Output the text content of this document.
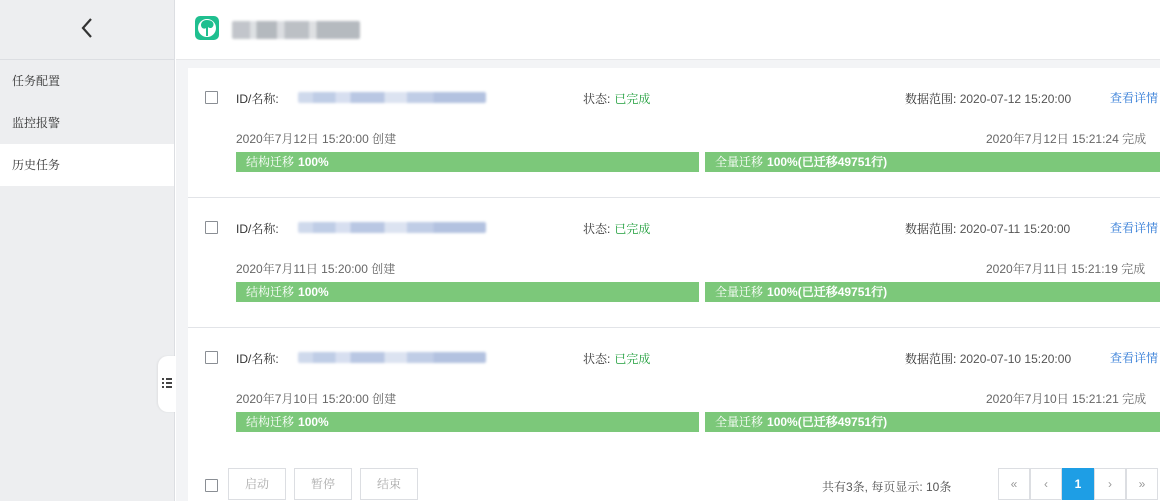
任务配置
监控报警
历史任务
ID/名称:	状态: 已完成	数据范围: 2020-07-12 15:20:00	查看详情
2020年7月12日 15:20:00 创建	2020年7月12日 15:21:24 完成
结构迁移 100%	全量迁移 100%(已迁移49751行)
ID/名称:	状态: 已完成	数据范围: 2020-07-11 15:20:00	查看详情
2020年7月11日 15:20:00 创建	2020年7月11日 15:21:19 完成
结构迁移 100%	全量迁移 100%(已迁移49751行)
ID/名称:	状态: 已完成	数据范围: 2020-07-10 15:20:00	查看详情
2020年7月10日 15:20:00 创建	2020年7月10日 15:21:21 完成
结构迁移 100%	全量迁移 100%(已迁移49751行)
启动	暂停	结束	共有3条, 每页显示: 10条	«	‹	1	›	»
